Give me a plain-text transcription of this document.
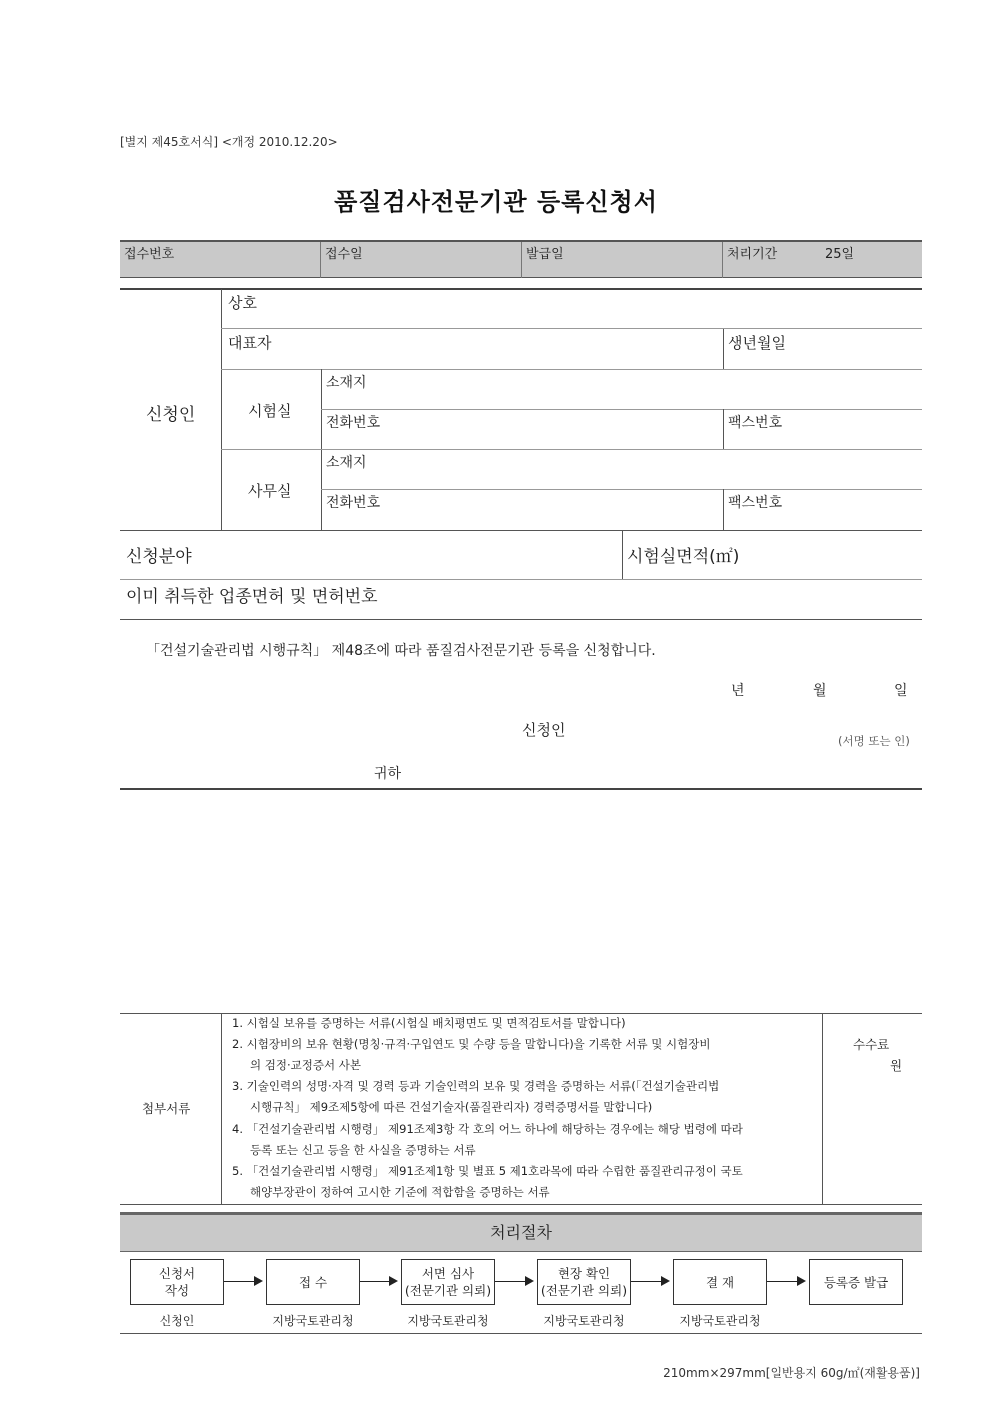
[별지 제45호서식] <개정 2010.12.20>
품질검사전문기관 등록신청서
접수번호	접수일	발급일	처리기간	25일
신청인
상호
대표자	생년월일
시험실
소재지
전화번호	팩스번호
사무실
소재지
전화번호	팩스번호
신청분야	시험실면적(㎡)
이미 취득한 업종면허 및 면허번호
「건설기술관리법 시행규칙」 제48조에 따라 품질검사전문기관 등록을 신청합니다.
년	월	일
신청인
(서명 또는 인)
귀하
첨부서류
1. 시험실 보유를 증명하는 서류(시험실 배치평면도 및 면적검토서를 말합니다)
2. 시험장비의 보유 현황(명칭·규격·구입연도 및 수량 등을 말합니다)을 기록한 서류 및 시험장비
의 검정·교정증서 사본
3. 기술인력의 성명·자격 및 경력 등과 기술인력의 보유 및 경력을 증명하는 서류(「건설기술관리법
시행규칙」 제9조제5항에 따른 건설기술자(품질관리자) 경력증명서를 말합니다)
4. 「건설기술관리법 시행령」 제91조제3항 각 호의 어느 하나에 해당하는 경우에는 해당 법령에 따라
등록 또는 신고 등을 한 사실을 증명하는 서류
5. 「건설기술관리법 시행령」 제91조제1항 및 별표 5 제1호라목에 따라 수립한 품질관리규정이 국토
해양부장관이 정하여 고시한 기준에 적합함을 증명하는 서류
수수료
원
처리절차
신청서
작성
접 수
서면 심사
(전문기관 의뢰)
현장 확인
(전문기관 의뢰)
결 재	등록증 발급
신청인	지방국토관리청	지방국토관리청	지방국토관리청	지방국토관리청
210mm×297mm[일반용지 60g/㎡(재활용품)]
